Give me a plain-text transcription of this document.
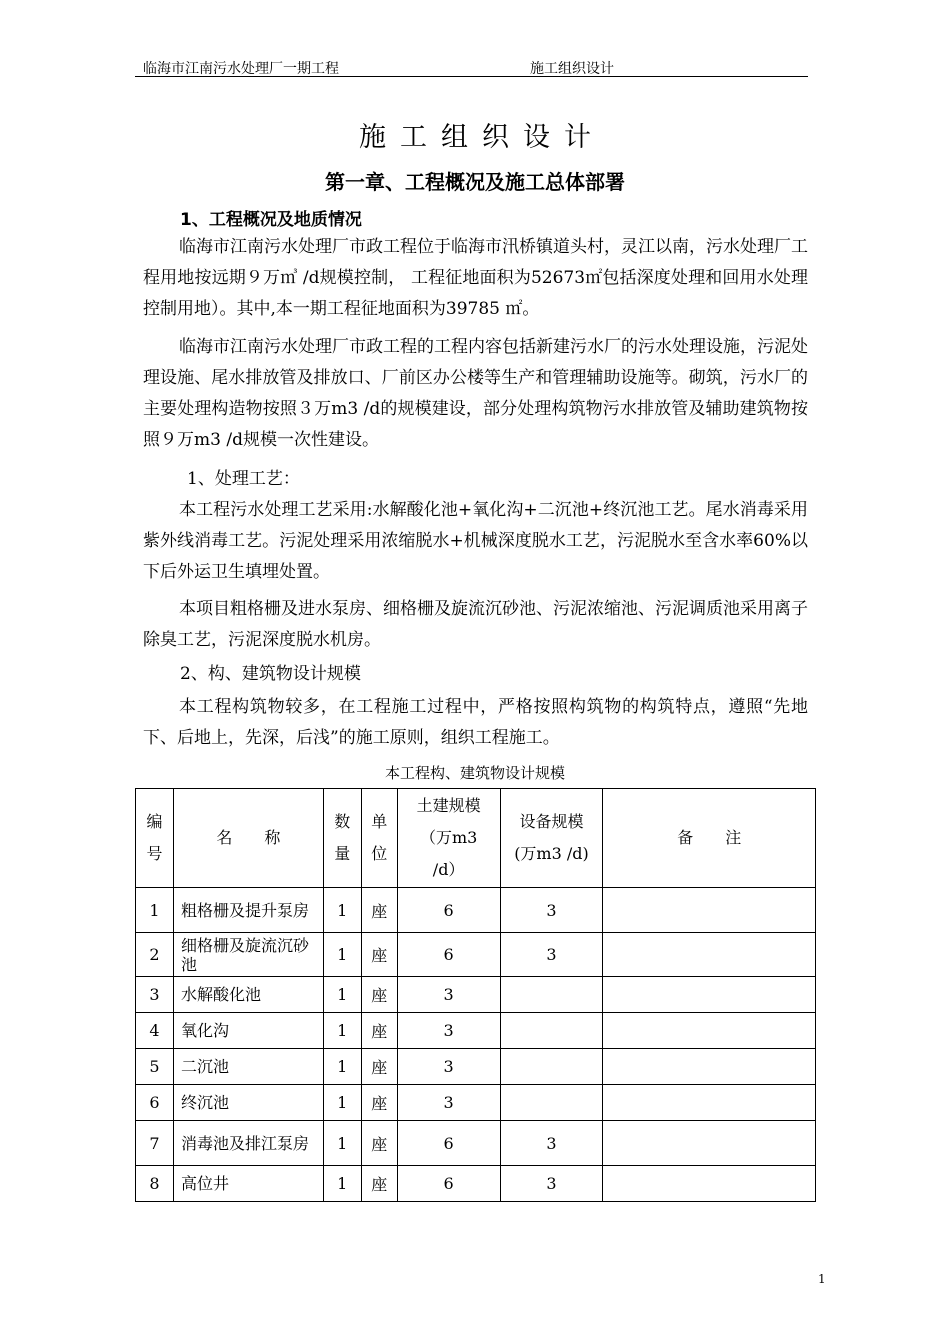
临海市江南污水处理厂一期工程	施工组织设计
施工组织设计
第一章、工程概况及施工总体部署
1、工程概况及地质情况
临海市江南污水处理厂市政工程位于临海市汛桥镇道头村，灵江以南，污水处理厂工程用地按远期９万㎥ /d规模控制， 工程征地面积为52673㎡包括深度处理和回用水处理控制用地）。其中,本一期工程征地面积为39785 ㎡。
临海市江南污水处理厂市政工程的工程内容包括新建污水厂的污水处理设施，污泥处理设施、尾水排放管及排放口、厂前区办公楼等生产和管理辅助设施等。砌筑，污水厂的主要处理构造物按照３万m3 /d的规模建设，部分处理构筑物污水排放管及辅助建筑物按照９万m3 /d规模一次性建设。
1、处理工艺：
本工程污水处理工艺采用:水解酸化池+氧化沟+二沉池+终沉池工艺。尾水消毒采用紫外线消毒工艺。污泥处理采用浓缩脱水+机械深度脱水工艺，污泥脱水至含水率60%以下后外运卫生填埋处置。
本项目粗格栅及进水泵房、细格栅及旋流沉砂池、污泥浓缩池、污泥调质池采用离子除臭工艺，污泥深度脱水机房。
2、构、建筑物设计规模
本工程构筑物较多，在工程施工过程中，严格按照构筑物的构筑特点，遵照“先地下、后地上，先深，后浅”的施工原则，组织工程施工。
本工程构、建筑物设计规模
编号	名　　称	数量	单位	土建规模（万m3 /d）	设备规模(万m3 /d)	备　　注
1	粗格栅及提升泵房	1	座	6	3	
2	细格栅及旋流沉砂池	1	座	6	3	
3	水解酸化池	1	座	3		
4	氧化沟	1	座	3		
5	二沉池	1	座	3		
6	终沉池	1	座	3		
7	消毒池及排江泵房	1	座	6	3	
8	高位井	1	座	6	3	
1
